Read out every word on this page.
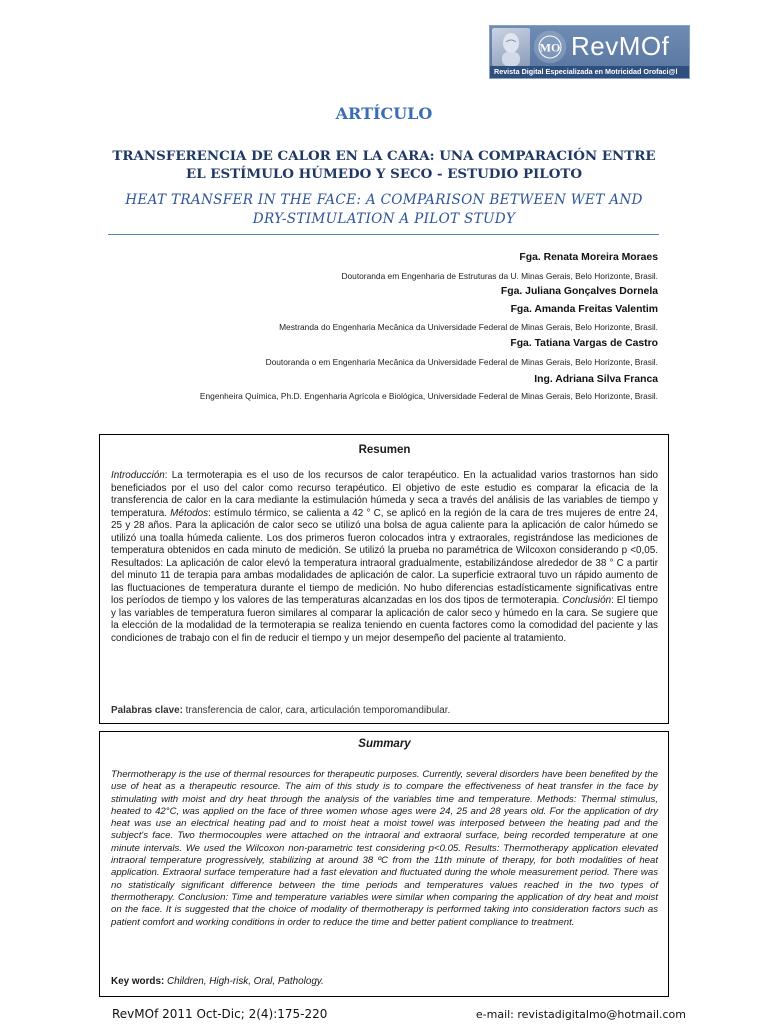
MO RevMOf
Revista Digital Especializada en Motricidad Orofaci@l
ARTÍCULO
TRANSFERENCIA DE CALOR EN LA CARA: UNA COMPARACIÓN ENTRE EL ESTÍMULO HÚMEDO Y SECO - ESTUDIO PILOTO
HEAT TRANSFER IN THE FACE: A COMPARISON BETWEEN WET AND DRY-STIMULATION A PILOT STUDY
Fga. Renata Moreira Moraes
Doutoranda em Engenharia de Estruturas da U. Minas Gerais, Belo Horizonte, Brasil.
Fga. Juliana Gonçalves Dornela
Fga. Amanda Freitas Valentim
Mestranda do Engenharia Mecânica da Universidade Federal de Minas Gerais, Belo Horizonte, Brasil.
Fga. Tatiana Vargas de Castro
Doutoranda o em Engenharia Mecânica da Universidade Federal de Minas Gerais, Belo Horizonte, Brasil.
Ing. Adriana Silva Franca
Engenheira Química, Ph.D. Engenharia Agrícola e Biológica, Universidade Federal de Minas Gerais, Belo Horizonte, Brasil.
Resumen
Introducción: La termoterapia es el uso de los recursos de calor terapéutico. En la actualidad varios trastornos han sido beneficiados por el uso del calor como recurso terapéutico. El objetivo de este estudio es comparar la eficacia de la transferencia de calor en la cara mediante la estimulación húmeda y seca a través del análisis de las variables de tiempo y temperatura. Métodos: estímulo térmico, se calienta a 42 ° C, se aplicó en la región de la cara de tres mujeres de entre 24, 25 y 28 años. Para la aplicación de calor seco se utilizó una bolsa de agua caliente para la aplicación de calor húmedo se utilizó una toalla húmeda caliente. Los dos primeros fueron colocados intra y extraorales, registrándose las mediciones de temperatura obtenidos en cada minuto de medición. Se utilizó la prueba no paramétrica de Wilcoxon considerando p <0,05. Resultados: La aplicación de calor elevó la temperatura intraoral gradualmente, estabilizándose alrededor de 38 ° C a partir del minuto 11 de terapia para ambas modalidades de aplicación de calor. La superficie extraoral tuvo un rápido aumento de las fluctuaciones de temperatura durante el tiempo de medición. No hubo diferencias estadísticamente significativas entre los períodos de tiempo y los valores de las temperaturas alcanzadas en los dos tipos de termoterapia. Conclusión: El tiempo y las variables de temperatura fueron similares al comparar la aplicación de calor seco y húmedo en la cara. Se sugiere que la elección de la modalidad de la termoterapia se realiza teniendo en cuenta factores como la comodidad del paciente y las condiciones de trabajo con el fin de reducir el tiempo y un mejor desempeño del paciente al tratamiento.
Palabras clave: transferencia de calor, cara, articulación temporomandibular.
Summary
Thermotherapy is the use of thermal resources for therapeutic purposes. Currently, several disorders have been benefited by the use of heat as a therapeutic resource. The aim of this study is to compare the effectiveness of heat transfer in the face by stimulating with moist and dry heat through the analysis of the variables time and temperature. Methods: Thermal stimulus, heated to 42°C, was applied on the face of three women whose ages were 24, 25 and 28 years old. For the application of dry heat was use an electrical heating pad and to moist heat a moist towel was interposed between the heating pad and the subject's face. Two thermocouples were attached on the intraoral and extraoral surface, being recorded temperature at one minute intervals. We used the Wilcoxon non-parametric test considering p<0.05. Results: Thermotherapy application elevated intraoral temperature progressively, stabilizing at around 38 ºC from the 11th minute of therapy, for both modalities of heat application. Extraoral surface temperature had a fast elevation and fluctuated during the whole measurement period. There was no statistically significant difference between the time periods and temperatures values reached in the two types of thermotherapy. Conclusion: Time and temperature variables were similar when comparing the application of dry heat and moist on the face. It is suggested that the choice of modality of thermotherapy is performed taking into consideration factors such as patient comfort and working conditions in order to reduce the time and better patient compliance to treatment.
Key words: Children, High-risk, Oral, Pathology.
RevMOf 2011 Oct-Dic; 2(4):175-220	e-mail: revistadigitalmo@hotmail.com
